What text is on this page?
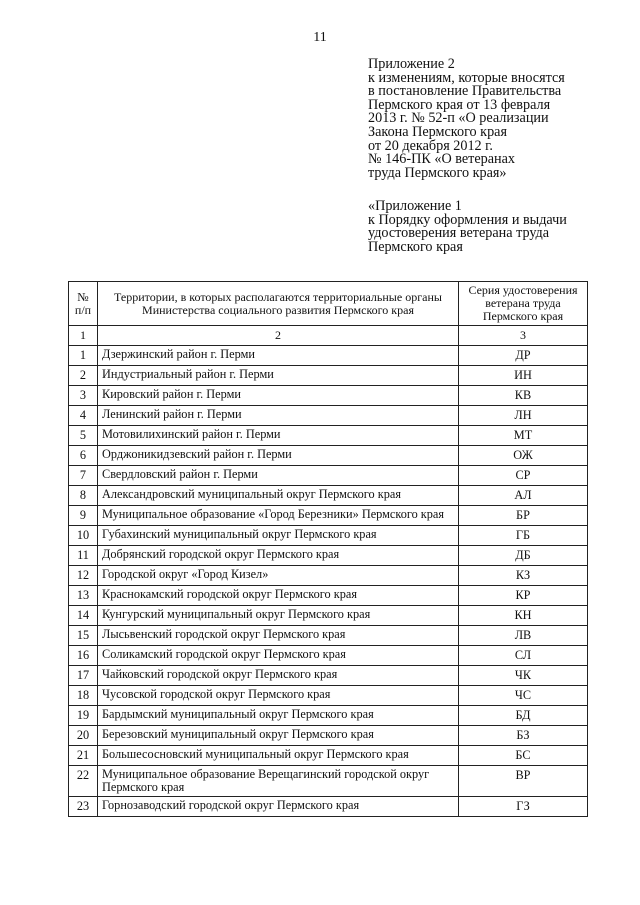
11
Приложение 2
к изменениям, которые вносятся
в постановление Правительства
Пермского края от 13 февраля
2013 г. № 52-п «О реализации
Закона Пермского края
от 20 декабря 2012 г.
№ 146-ПК «О ветеранах
труда Пермского края»
«Приложение 1
к Порядку оформления и выдачи
удостоверения ветерана труда
Пермского края
№ п/п	Территории, в которых располагаются территориальные органы Министерства социального развития Пермского края	Серия удостоверения ветерана труда Пермского края
1	2	3
1	Дзержинский район г. Перми	ДР
2	Индустриальный район г. Перми	ИН
3	Кировский район г. Перми	КВ
4	Ленинский район г. Перми	ЛН
5	Мотовилихинский район г. Перми	МТ
6	Орджоникидзевский район г. Перми	ОЖ
7	Свердловский район г. Перми	СР
8	Александровский муниципальный округ Пермского края	АЛ
9	Муниципальное образование «Город Березники» Пермского края	БР
10	Губахинский муниципальный округ Пермского края	ГБ
11	Добрянский городской округ Пермского края	ДБ
12	Городской округ «Город Кизел»	КЗ
13	Краснокамский городской округ Пермского края	КР
14	Кунгурский муниципальный округ Пермского края	КН
15	Лысьвенский городской округ Пермского края	ЛВ
16	Соликамский городской округ Пермского края	СЛ
17	Чайковский городской округ Пермского края	ЧК
18	Чусовской городской округ Пермского края	ЧС
19	Бардымский муниципальный округ Пермского края	БД
20	Березовский муниципальный округ Пермского края	БЗ
21	Большесосновский муниципальный округ Пермского края	БС
22	Муниципальное образование Верещагинский городской округ Пермского края	ВР
23	Горнозаводский городской округ Пермского края	ГЗ
